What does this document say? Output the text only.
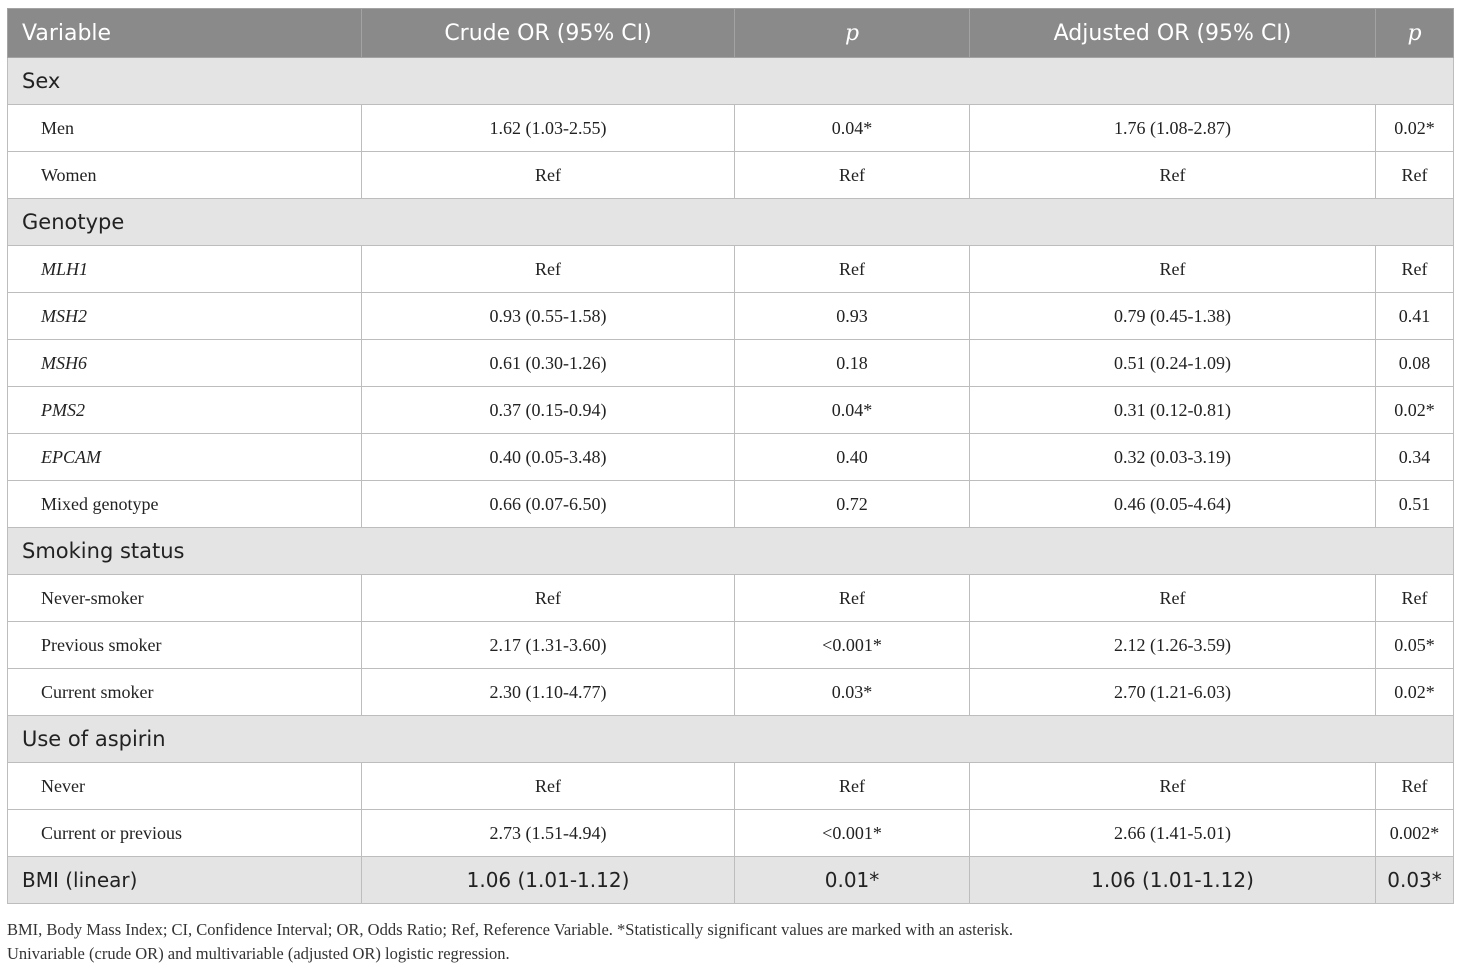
Variable	Crude OR (95% CI)	p	Adjusted OR (95% CI)	p
Sex				
Men	1.62 (1.03-2.55)	0.04*	1.76 (1.08-2.87)	0.02*
Women	Ref	Ref	Ref	Ref
Genotype				
MLH1	Ref	Ref	Ref	Ref
MSH2	0.93 (0.55-1.58)	0.93	0.79 (0.45-1.38)	0.41
MSH6	0.61 (0.30-1.26)	0.18	0.51 (0.24-1.09)	0.08
PMS2	0.37 (0.15-0.94)	0.04*	0.31 (0.12-0.81)	0.02*
EPCAM	0.40 (0.05-3.48)	0.40	0.32 (0.03-3.19)	0.34
Mixed genotype	0.66 (0.07-6.50)	0.72	0.46 (0.05-4.64)	0.51
Smoking status				
Never-smoker	Ref	Ref	Ref	Ref
Previous smoker	2.17 (1.31-3.60)	<0.001*	2.12 (1.26-3.59)	0.05*
Current smoker	2.30 (1.10-4.77)	0.03*	2.70 (1.21-6.03)	0.02*
Use of aspirin				
Never	Ref	Ref	Ref	Ref
Current or previous	2.73 (1.51-4.94)	<0.001*	2.66 (1.41-5.01)	0.002*
BMI (linear)	1.06 (1.01-1.12)	0.01*	1.06 (1.01-1.12)	0.03*
BMI, Body Mass Index; CI, Confidence Interval; OR, Odds Ratio; Ref, Reference Variable. *Statistically significant values are marked with an asterisk.
Univariable (crude OR) and multivariable (adjusted OR) logistic regression.
